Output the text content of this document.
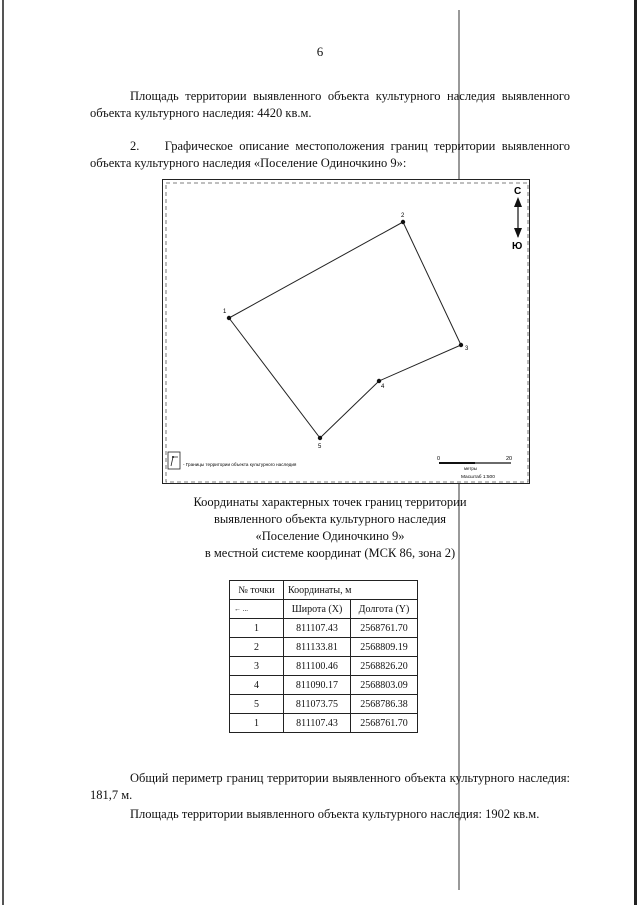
6
Площадь территории выявленного объекта культурного наследия выявленного объекта культурного наследия: 4420 кв.м.
2. Графическое описание местоположения границ территории выявленного объекта культурного наследия «Поселение Одиночкино 9»:
1
2
3
4
5
С
Ю
- Границы территории объекта культурного наследия
0	20
метры
Масштаб 1:500
Координаты характерных точек границ территории
выявленного объекта культурного наследия
«Поселение Одиночкино 9»
в местной системе координат (МСК 86, зона 2)
№ точки	Координаты, м	
← ...	Широта (X)	Долгота (Y)
1	811107.43	2568761.70
2	811133.81	2568809.19
3	811100.46	2568826.20
4	811090.17	2568803.09
5	811073.75	2568786.38
1	811107.43	2568761.70
Общий периметр границ территории выявленного объекта культурного наследия: 181,7 м.
Площадь территории выявленного объекта культурного наследия: 1902 кв.м.
